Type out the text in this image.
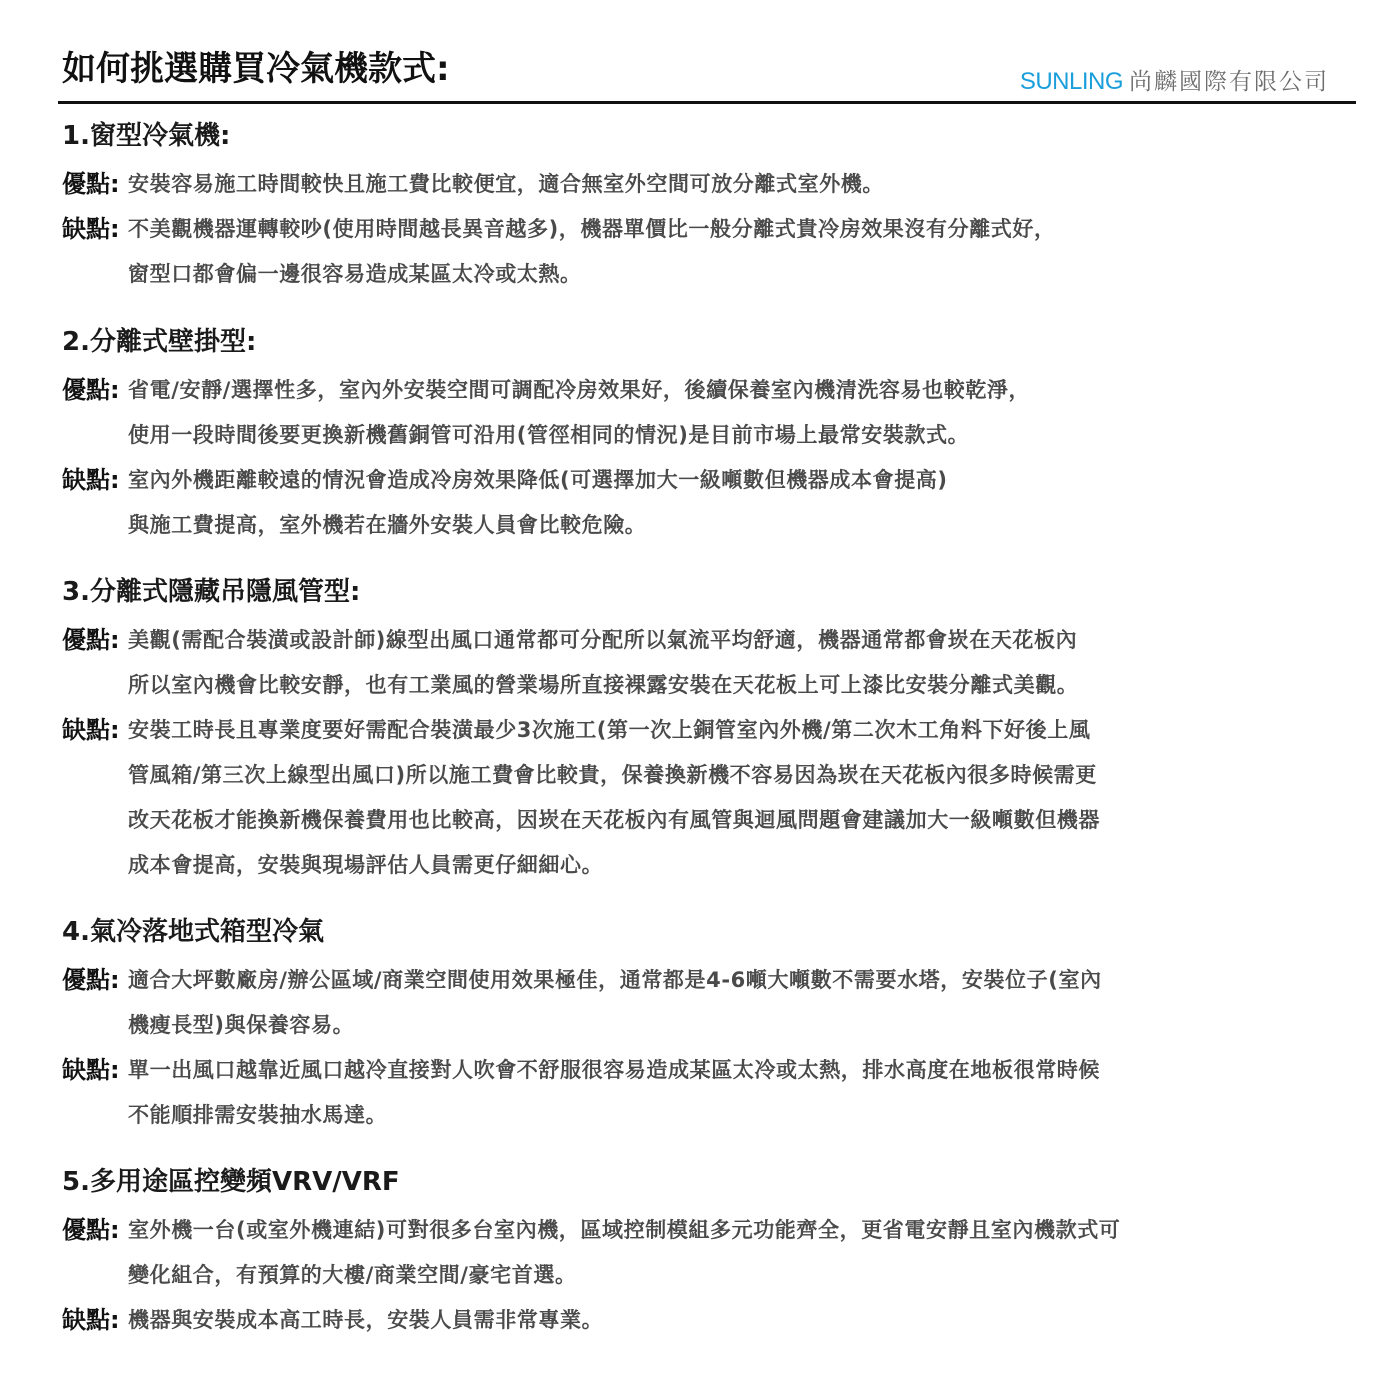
如何挑選購買冷氣機款式:	SUNLING 尚麟國際有限公司
1.窗型冷氣機:
優點: 安裝容易施工時間較快且施工費比較便宜，適合無室外空間可放分離式室外機。
缺點: 不美觀機器運轉較吵(使用時間越長異音越多)，機器單價比一般分離式貴冷房效果沒有分離式好，
窗型口都會偏一邊很容易造成某區太冷或太熱。
2.分離式壁掛型:
優點: 省電/安靜/選擇性多，室內外安裝空間可調配冷房效果好，後續保養室內機清洗容易也較乾淨，
使用一段時間後要更換新機舊銅管可沿用(管徑相同的情況)是目前市場上最常安裝款式。
缺點: 室內外機距離較遠的情況會造成冷房效果降低(可選擇加大一級噸數但機器成本會提高)
與施工費提高，室外機若在牆外安裝人員會比較危險。
3.分離式隱藏吊隱風管型:
優點: 美觀(需配合裝潢或設計師)線型出風口通常都可分配所以氣流平均舒適，機器通常都會崁在天花板內
所以室內機會比較安靜，也有工業風的營業場所直接裸露安裝在天花板上可上漆比安裝分離式美觀。
缺點: 安裝工時長且專業度要好需配合裝潢最少3次施工(第一次上銅管室內外機/第二次木工角料下好後上風
管風箱/第三次上線型出風口)所以施工費會比較貴，保養換新機不容易因為崁在天花板內很多時候需更
改天花板才能換新機保養費用也比較高，因崁在天花板內有風管與迴風問題會建議加大一級噸數但機器
成本會提高，安裝與現場評估人員需更仔細細心。
4.氣冷落地式箱型冷氣
優點: 適合大坪數廠房/辦公區域/商業空間使用效果極佳，通常都是4-6噸大噸數不需要水塔，安裝位子(室內
機瘦長型)與保養容易。
缺點: 單一出風口越靠近風口越冷直接對人吹會不舒服很容易造成某區太冷或太熱，排水高度在地板很常時候
不能順排需安裝抽水馬達。
5.多用途區控變頻VRV/VRF
優點: 室外機一台(或室外機連結)可對很多台室內機，區域控制模組多元功能齊全，更省電安靜且室內機款式可
變化組合，有預算的大樓/商業空間/豪宅首選。
缺點: 機器與安裝成本高工時長，安裝人員需非常專業。
